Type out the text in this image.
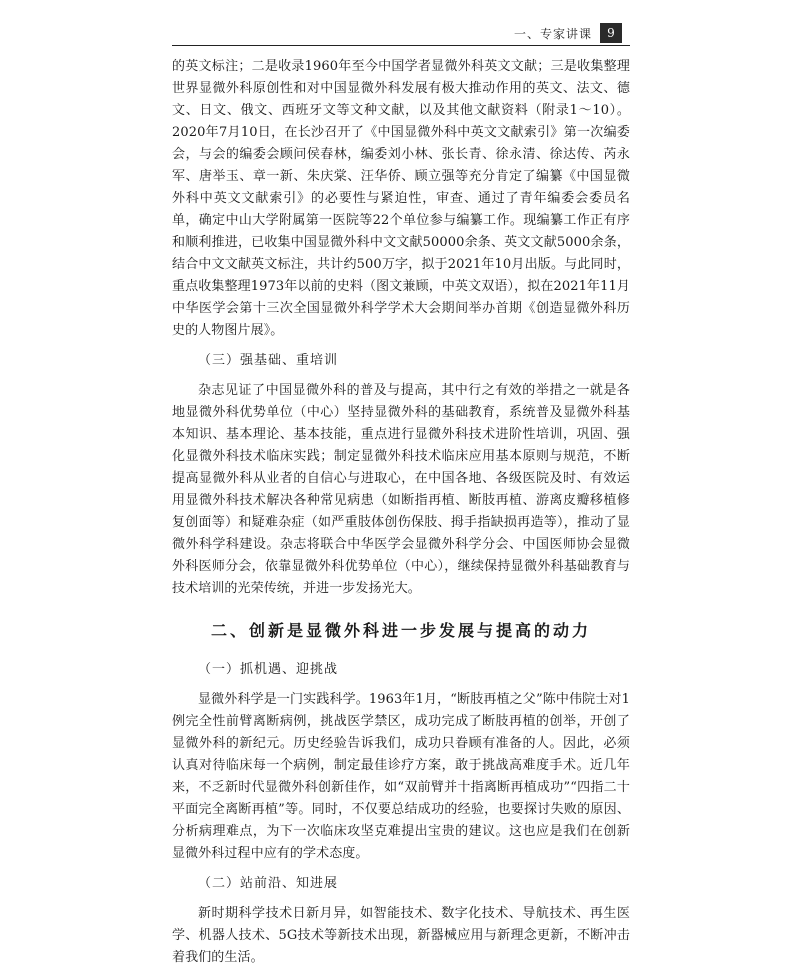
一、专家讲课	9

的英文标注；二是收录1960年至今中国学者显微外科英文文献；三是收集整理世界显微外科原创性和对中国显微外科发展有极大推动作用的英文、法文、德文、日文、俄文、西班牙文等文种文献，以及其他文献资料（附录1～10）。2020年7月10日，在长沙召开了《中国显微外科中英文文献索引》第一次编委会，与会的编委会顾问侯春林，编委刘小林、张长青、徐永清、徐达传、芮永军、唐举玉、章一新、朱庆棠、汪华侨、顾立强等充分肯定了编纂《中国显微外科中英文文献索引》的必要性与紧迫性，审查、通过了青年编委会委员名单，确定中山大学附属第一医院等22个单位参与编纂工作。现编纂工作正有序和顺利推进，已收集中国显微外科中文文献50000余条、英文文献5000余条，结合中文文献英文标注，共计约500万字，拟于2021年10月出版。与此同时，重点收集整理1973年以前的史料（图文兼顾，中英文双语），拟在2021年11月中华医学会第十三次全国显微外科学学术大会期间举办首期《创造显微外科历史的人物图片展》。

（三）强基础、重培训

杂志见证了中国显微外科的普及与提高，其中行之有效的举措之一就是各地显微外科优势单位（中心）坚持显微外科的基础教育，系统普及显微外科基本知识、基本理论、基本技能，重点进行显微外科技术进阶性培训，巩固、强化显微外科技术临床实践；制定显微外科技术临床应用基本原则与规范，不断提高显微外科从业者的自信心与进取心，在中国各地、各级医院及时、有效运用显微外科技术解决各种常见病患（如断指再植、断肢再植、游离皮瓣移植修复创面等）和疑难杂症（如严重肢体创伤保肢、拇手指缺损再造等），推动了显微外科学科建设。杂志将联合中华医学会显微外科学分会、中国医师协会显微外科医师分会，依靠显微外科优势单位（中心），继续保持显微外科基础教育与技术培训的光荣传统，并进一步发扬光大。

二、创新是显微外科进一步发展与提高的动力
（一）抓机遇、迎挑战

显微外科学是一门实践科学。1963年1月，“断肢再植之父”陈中伟院士对1例完全性前臂离断病例，挑战医学禁区，成功完成了断肢再植的创举，开创了显微外科的新纪元。历史经验告诉我们，成功只眷顾有准备的人。因此，必须认真对待临床每一个病例，制定最佳诊疗方案，敢于挑战高难度手术。近几年来，不乏新时代显微外科创新佳作，如“双前臂并十指离断再植成功”“四指二十平面完全离断再植”等。同时，不仅要总结成功的经验，也要探讨失败的原因、分析病理难点，为下一次临床攻坚克难提出宝贵的建议。这也应是我们在创新显微外科过程中应有的学术态度。

（二）站前沿、知进展

新时期科学技术日新月异，如智能技术、数字化技术、导航技术、再生医学、机器人技术、5G技术等新技术出现，新器械应用与新理念更新，不断冲击着我们的生活。
